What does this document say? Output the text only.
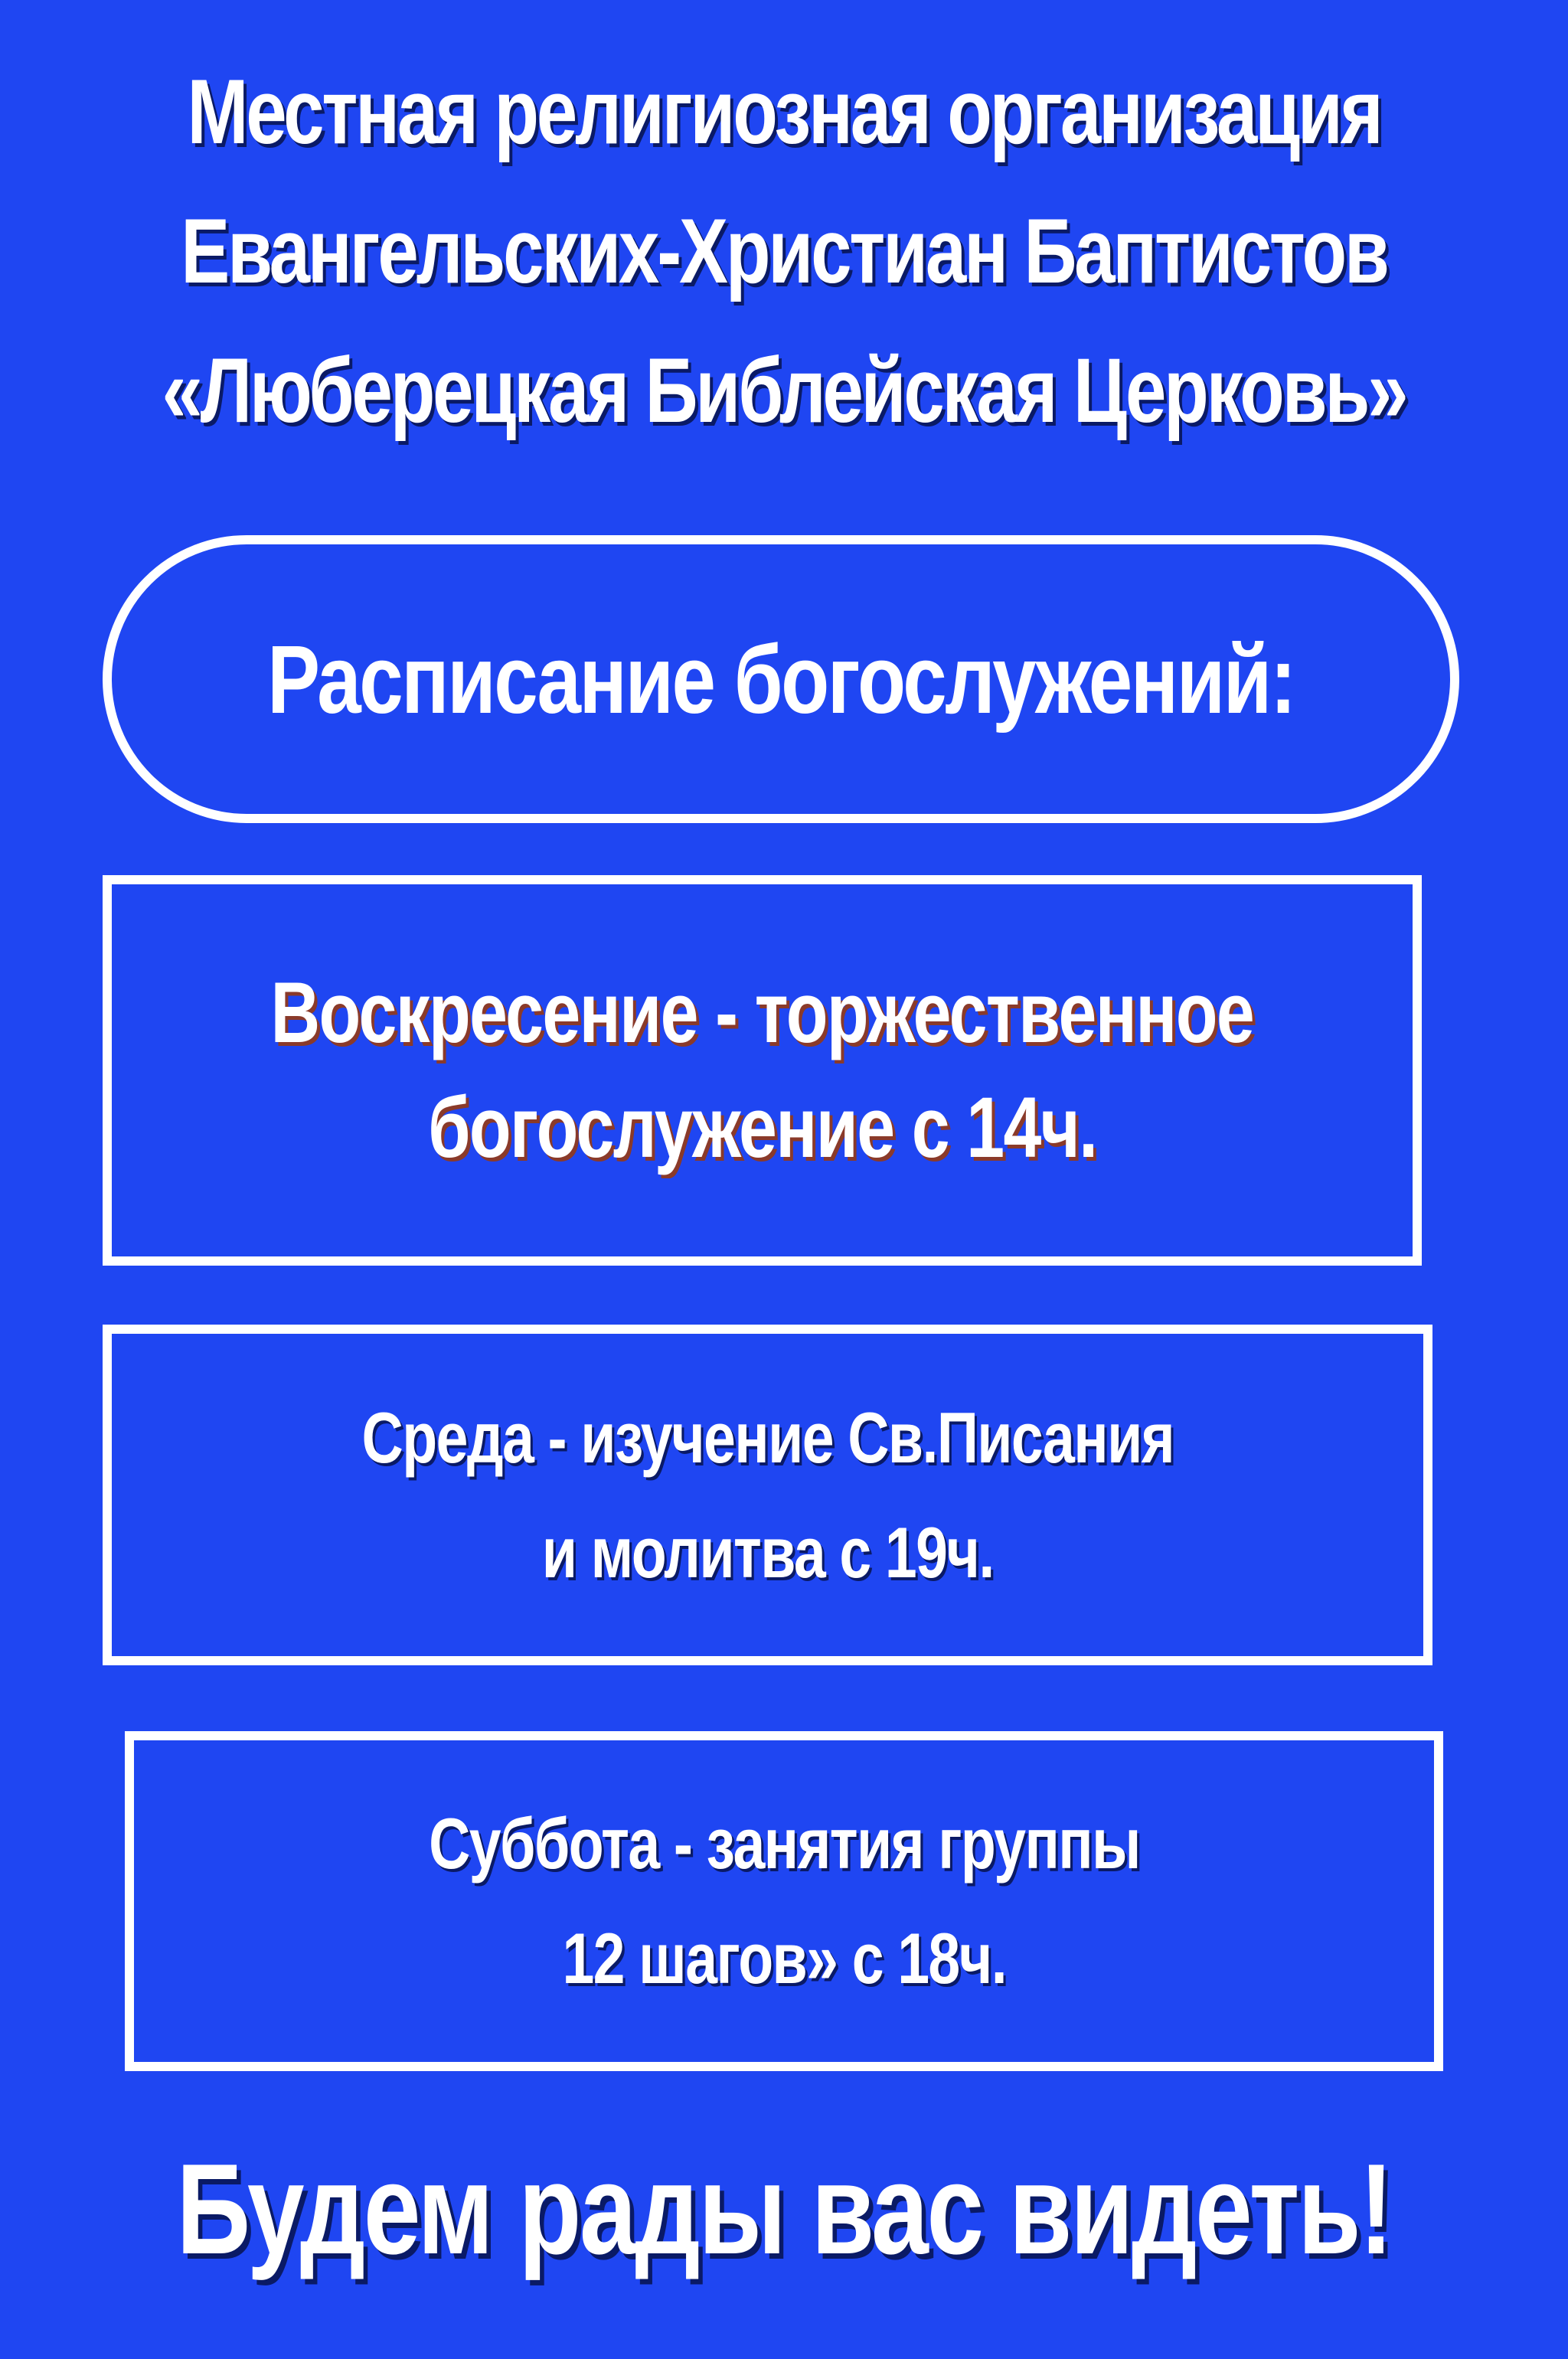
Местная религиозная организация
Евангельских-Христиан Баптистов
«Люберецкая Библейская Церковь»
Расписание богослужений:
Воскресение - торжественное
богослужение с 14ч.
Среда - изучение Св.Писания
и молитва с 19ч.
Суббота - занятия группы
12 шагов» с 18ч.
Будем рады вас видеть!
